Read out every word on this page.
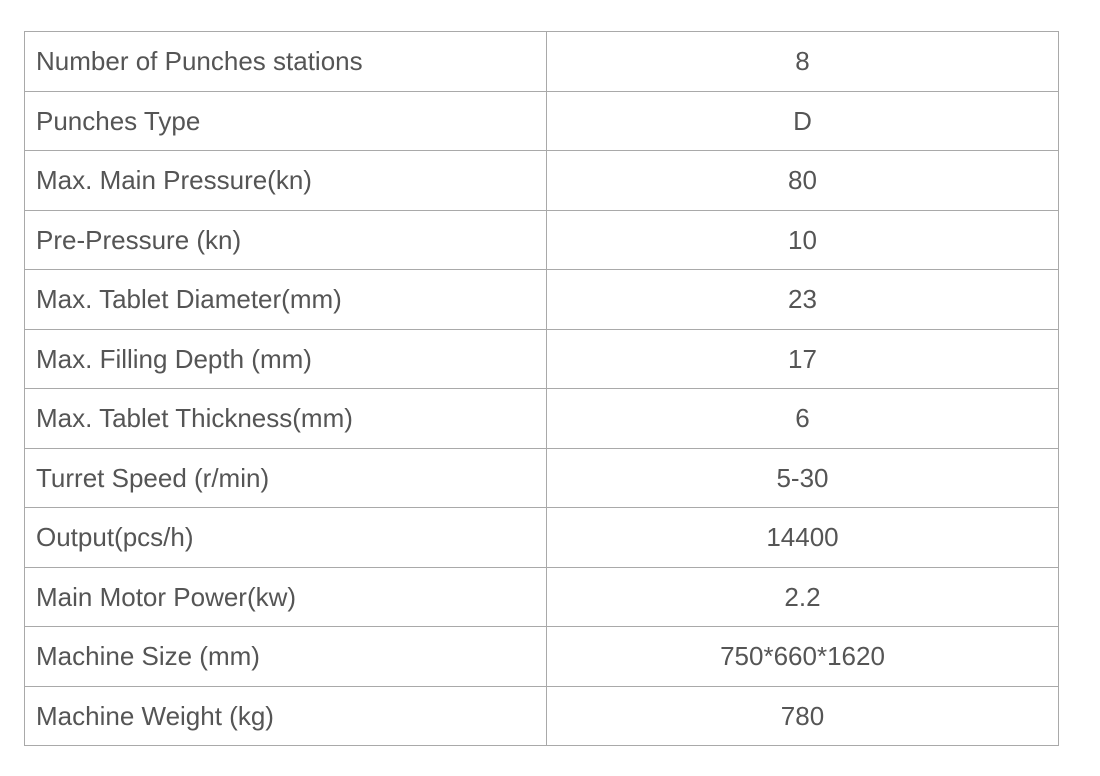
Number of Punches stations	8
Punches Type	D
Max. Main Pressure(kn)	80
Pre-Pressure (kn)	10
Max. Tablet Diameter(mm)	23
Max. Filling Depth (mm)	17
Max. Tablet Thickness(mm)	6
Turret Speed (r/min)	5-30
Output(pcs/h)	14400
Main Motor Power(kw)	2.2
Machine Size (mm)	750*660*1620
Machine Weight (kg)	780
